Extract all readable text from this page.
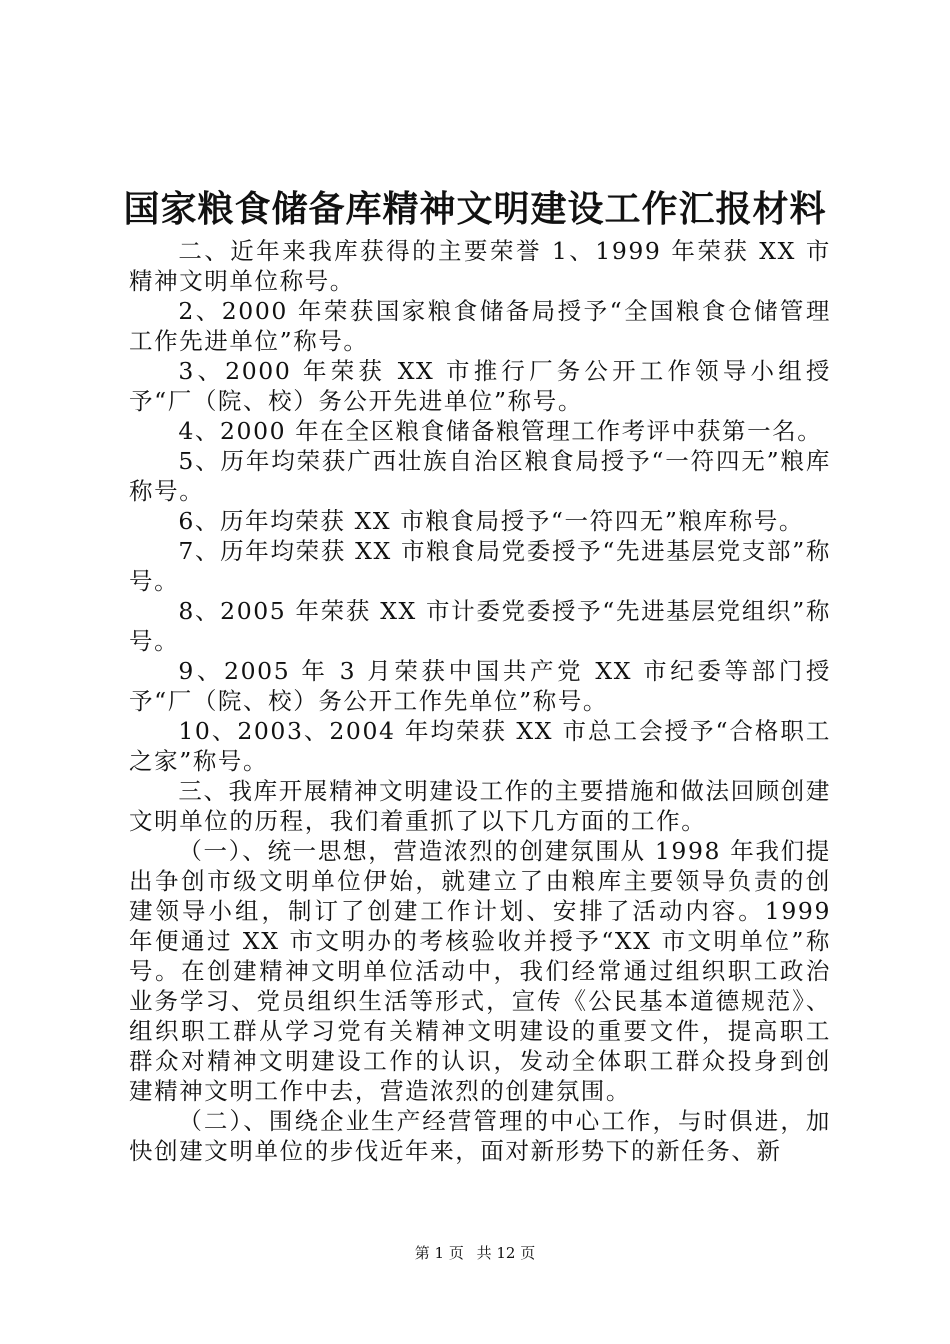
国家粮食储备库精神文明建设工作汇报材料

二、近年来我库获得的主要荣誉 1、1999 年荣获 XX 市精神文明单位称号。

2、2000 年荣获国家粮食储备局授予“全国粮食仓储管理工作先进单位”称号。

3、2000 年荣获 XX 市推行厂务公开工作领导小组授予“厂（院、校）务公开先进单位”称号。

4、2000 年在全区粮食储备粮管理工作考评中获第一名。

5、历年均荣获广西壮族自治区粮食局授予“一符四无”粮库称号。

6、历年均荣获 XX 市粮食局授予“一符四无”粮库称号。

7、历年均荣获 XX 市粮食局党委授予“先进基层党支部”称号。

8、2005 年荣获 XX 市计委党委授予“先进基层党组织”称号。

9、2005 年 3 月荣获中国共产党 XX 市纪委等部门授予“厂（院、校）务公开工作先单位”称号。

10、2003、2004 年均荣获 XX 市总工会授予“合格职工之家”称号。

三、我库开展精神文明建设工作的主要措施和做法回顾创建文明单位的历程，我们着重抓了以下几方面的工作。

（一）、统一思想，营造浓烈的创建氛围从 1998 年我们提出争创市级文明单位伊始，就建立了由粮库主要领导负责的创建领导小组，制订了创建工作计划、安排了活动内容。1999 年便通过 XX 市文明办的考核验收并授予“XX 市文明单位”称号。在创建精神文明单位活动中，我们经常通过组织职工政治业务学习、党员组织生活等形式，宣传《公民基本道德规范》、组织职工群从学习党有关精神文明建设的重要文件，提高职工群众对精神文明建设工作的认识，发动全体职工群众投身到创建精神文明工作中去，营造浓烈的创建氛围。

（二）、围绕企业生产经营管理的中心工作，与时俱进，加快创建文明单位的步伐近年来，面对新形势下的新任务、新

第 1 页 共 12 页
